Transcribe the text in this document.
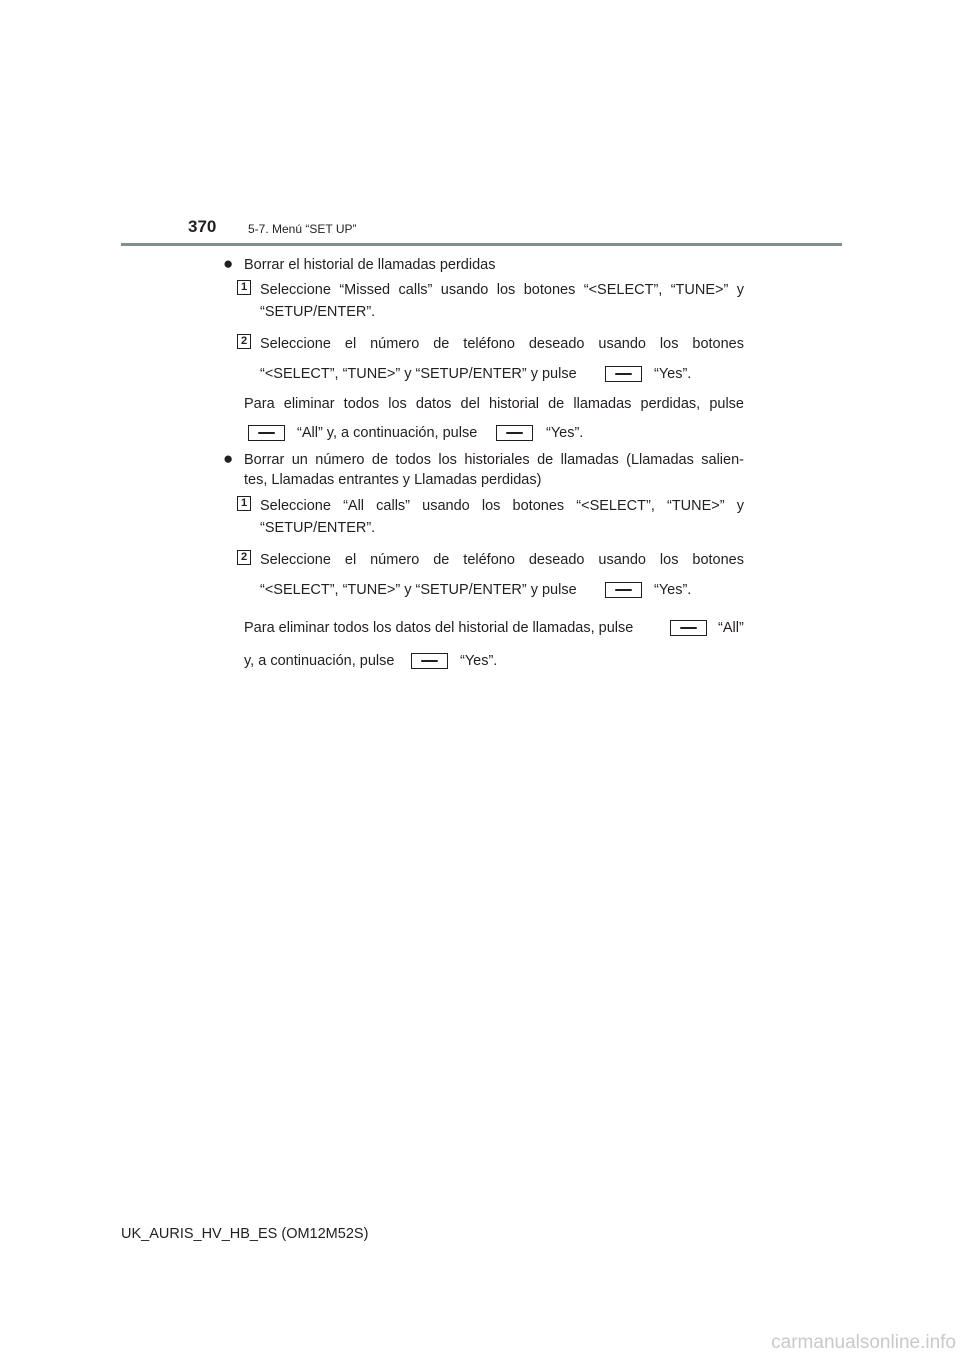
370	5-7. Menú “SET UP”
● Borrar el historial de llamadas perdidas
1 Seleccione “Missed calls” usando los botones “<SELECT”, “TUNE>” y
“SETUP/ENTER”.
2 Seleccione el número de teléfono deseado usando los botones
“<SELECT”, “TUNE>” y “SETUP/ENTER” y pulse	“Yes”.
Para eliminar todos los datos del historial de llamadas perdidas, pulse
“All” y, a continuación, pulse	“Yes”.
● Borrar un número de todos los historiales de llamadas (Llamadas salien-
tes, Llamadas entrantes y Llamadas perdidas)
1 Seleccione “All calls” usando los botones “<SELECT”, “TUNE>” y
“SETUP/ENTER”.
2 Seleccione el número de teléfono deseado usando los botones
“<SELECT”, “TUNE>” y “SETUP/ENTER” y pulse	“Yes”.
Para eliminar todos los datos del historial de llamadas, pulse	“All”
y, a continuación, pulse	“Yes”.
UK_AURIS_HV_HB_ES (OM12M52S)
carmanualsonline.info
